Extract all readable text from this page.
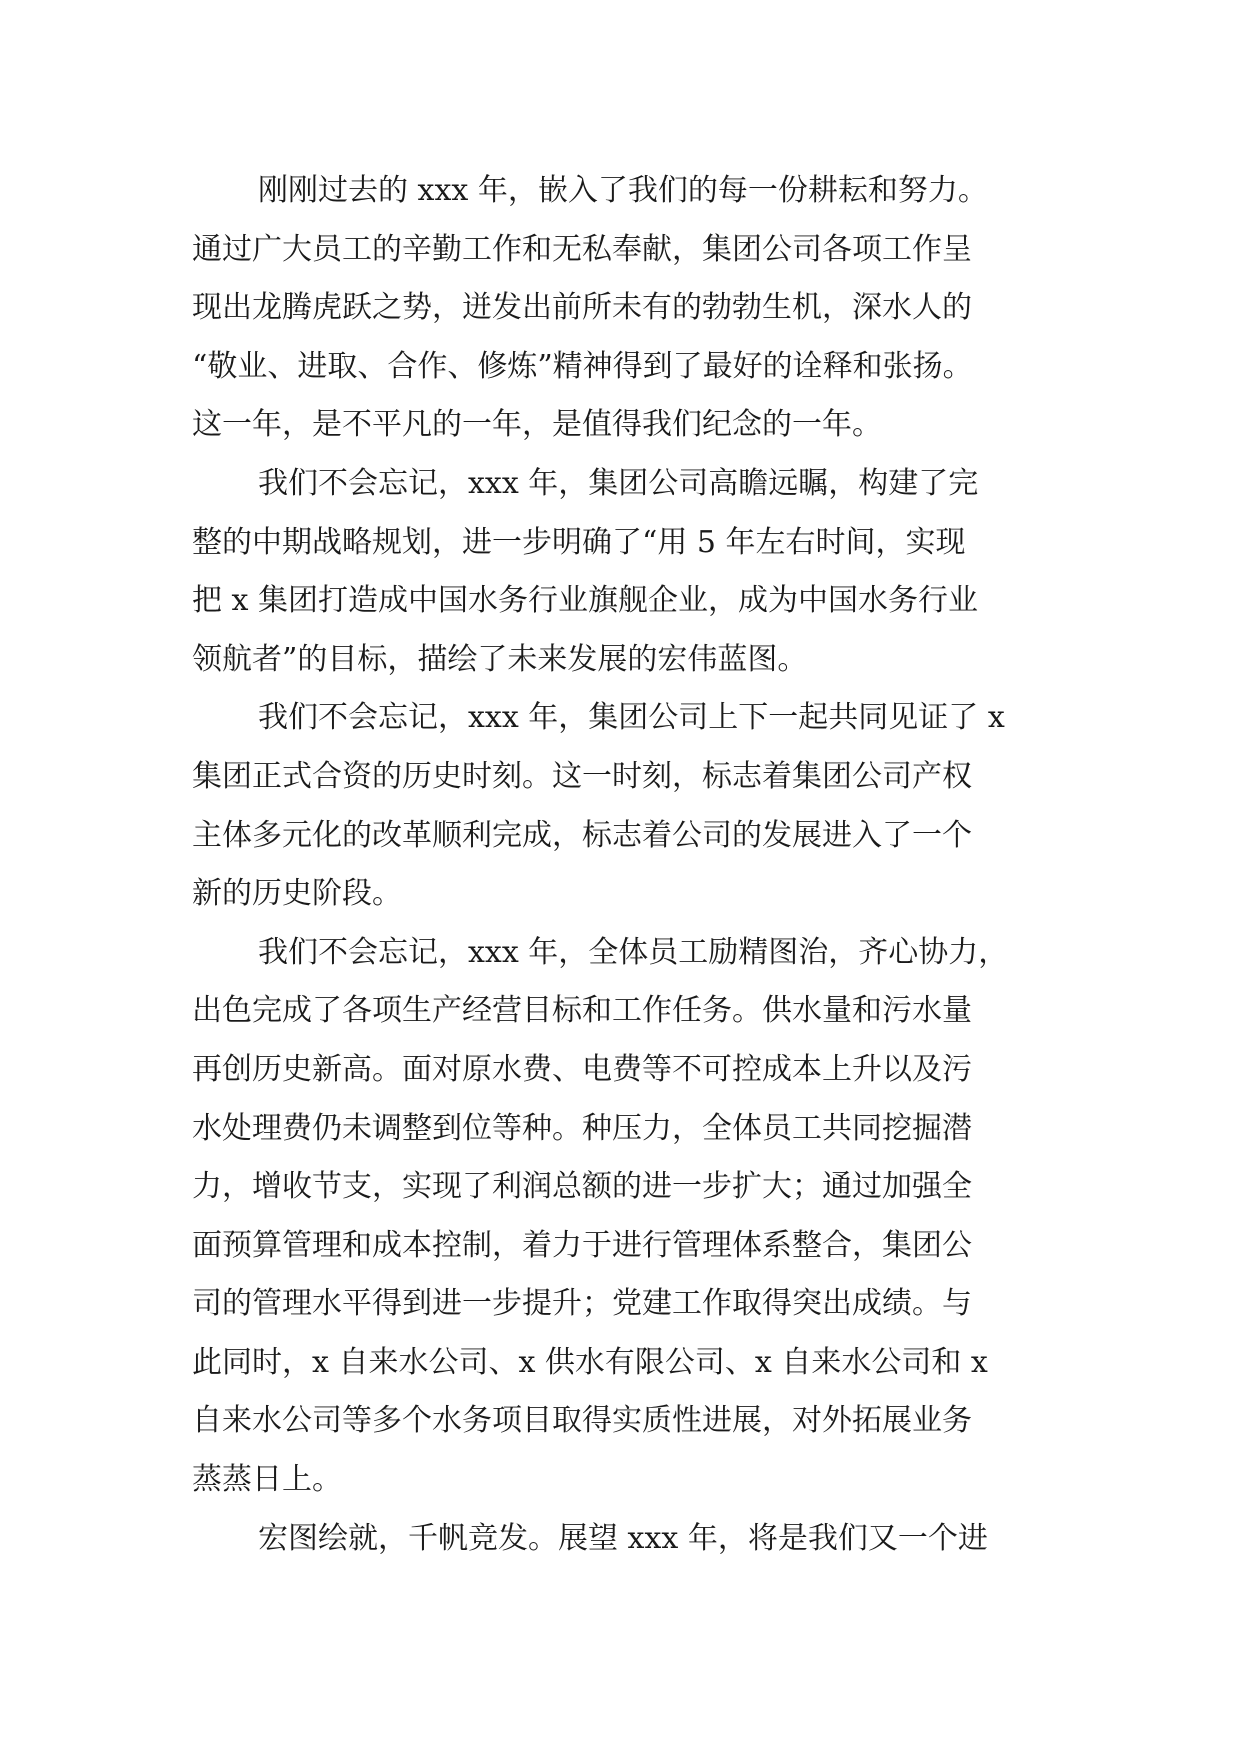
刚刚过去的 xxx 年，嵌入了我们的每一份耕耘和努力。
通过广大员工的辛勤工作和无私奉献，集团公司各项工作呈
现出龙腾虎跃之势，迸发出前所未有的勃勃生机，深水人的
“敬业、进取、合作、修炼”精神得到了最好的诠释和张扬。
这一年，是不平凡的一年，是值得我们纪念的一年。
我们不会忘记，xxx 年，集团公司高瞻远瞩，构建了完
整的中期战略规划，进一步明确了“用 5 年左右时间，实现
把 x 集团打造成中国水务行业旗舰企业，成为中国水务行业
领航者”的目标，描绘了未来发展的宏伟蓝图。
我们不会忘记，xxx 年，集团公司上下一起共同见证了 x
集团正式合资的历史时刻。这一时刻，标志着集团公司产权
主体多元化的改革顺利完成，标志着公司的发展进入了一个
新的历史阶段。
我们不会忘记，xxx 年，全体员工励精图治，齐心协力，
出色完成了各项生产经营目标和工作任务。供水量和污水量
再创历史新高。面对原水费、电费等不可控成本上升以及污
水处理费仍未调整到位等种。种压力，全体员工共同挖掘潜
力，增收节支，实现了利润总额的进一步扩大；通过加强全
面预算管理和成本控制，着力于进行管理体系整合，集团公
司的管理水平得到进一步提升；党建工作取得突出成绩。与
此同时，x 自来水公司、x 供水有限公司、x 自来水公司和 x
自来水公司等多个水务项目取得实质性进展，对外拓展业务
蒸蒸日上。
宏图绘就，千帆竞发。展望 xxx 年，将是我们又一个进
